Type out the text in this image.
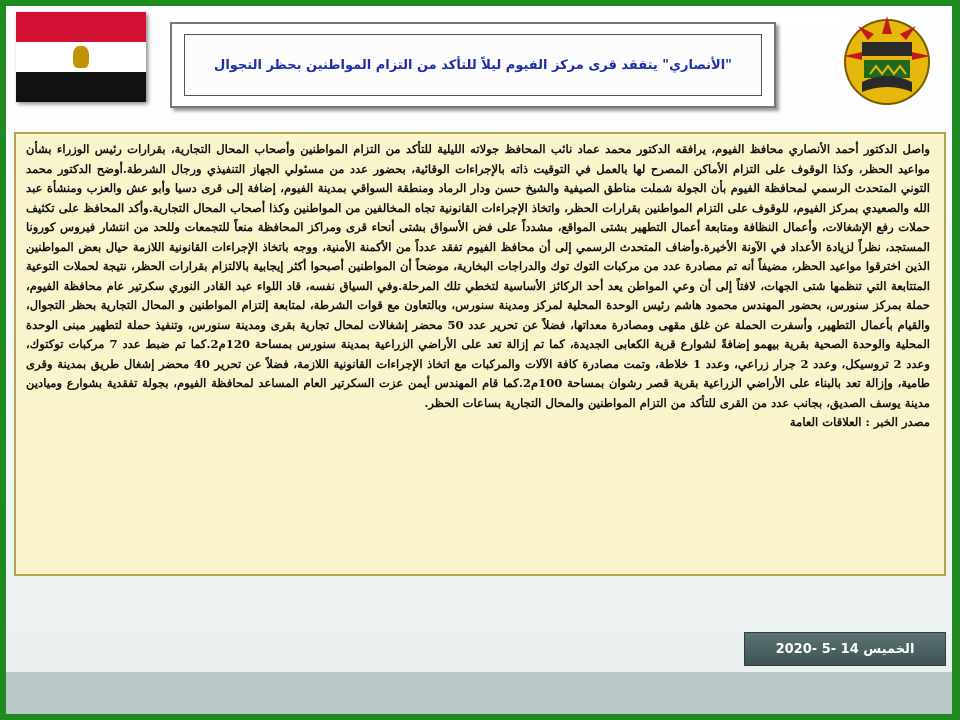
"الأنصاري" يتفقد قرى مركز الفيوم ليلاً للتأكد من التزام المواطنين بحظر التجوال

واصل الدكتور أحمد الأنصاري محافظ الفيوم، يرافقه الدكتور محمد عماد نائب المحافظ جولاته الليلية للتأكد من التزام المواطنين وأصحاب المحال التجارية، بقرارات رئيس الوزراء بشأن مواعيد الحظر، وكذا الوقوف على التزام الأماكن المصرح لها بالعمل في التوقيت ذاته بالإجراءات الوقائية، بحضور عدد من مسئولي الجهاز التنفيذي ورجال الشرطة.أوضح الدكتور محمد التوني المتحدث الرسمي لمحافظة الفيوم بأن الجولة شملت مناطق الصيفية والشيخ حسن ودار الرماد ومنطقة السواقي بمدينة الفيوم، إضافة إلى قرى دسيا وأبو عش والعزب ومنشأة عبد الله والصعيدي بمركز الفيوم، للوقوف على التزام المواطنين بقرارات الحظر، واتخاذ الإجراءات القانونية تجاه المخالفين من المواطنين وكذا أصحاب المحال التجارية.وأكد المحافظ على تكثيف حملات رفع الإشغالات، وأعمال النظافة ومتابعة أعمال التطهير بشتى المواقع، مشدداً على فض الأسواق بشتى أنحاء قرى ومراكز المحافظة منعاً للتجمعات وللحد من انتشار فيروس كورونا المستجد، نظراً لزيادة الأعداد في الآونة الأخيرة.وأضاف المتحدث الرسمي إلى أن محافظ الفيوم تفقد عدداً من الأكمنة الأمنية، ووجه باتخاذ الإجراءات القانونية اللازمة حيال بعض المواطنين الذين اخترقوا مواعيد الحظر، مضيفاً أنه تم مصادرة عدد من مركبات التوك توك والدراجات البخارية، موضحاً أن المواطنين أصبحوا أكثر إيجابية بالالتزام بقرارات الحظر، نتيجة لحملات التوعية المتتابعة التي تنظمها شتى الجهات، لافتاً إلى أن وعي المواطن يعد أحد الركائز الأساسية لتخطي تلك المرحلة.وفي السياق نفسه، قاد اللواء عبد القادر النوري سكرتير عام محافظة الفيوم، حملة بمركز سنورس، بحضور المهندس محمود هاشم رئيس الوحدة المحلية لمركز ومدينة سنورس، وبالتعاون مع قوات الشرطة، لمتابعة إلتزام المواطنين و المحال التجارية بحظر التجوال، والقيام بأعمال التطهير، وأسفرت الحملة عن غلق مقهى ومصادرة معداتها، فضلاً عن تحرير عدد 50 محضر إشغالات لمحال تجارية بقرى ومدينة سنورس، وتنفيذ حملة لتطهير مبنى الوحدة المحلية والوحدة الصحية بقرية بيهمو إضافةً لشوارع قرية الكعابى الجديدة، كما تم إزالة تعد على الأراضي الزراعية بمدينة سنورس بمساحة 120م2.كما تم ضبط عدد 7 مركبات توكتوك، وعدد 2 تروسيكل، وعدد 2 جرار زراعي، وعدد 1 خلاطة، وتمت مصادرة كافة الآلات والمركبات مع اتخاذ الإجراءات القانونية اللازمة، فضلاً عن تحرير 40 محضر إشغال طريق بمدينة وقرى طامية، وإزالة تعد بالبناء على الأراضي الزراعية بقرية قصر رشوان بمساحة 100م2.كما قام المهندس أيمن عزت السكرتير العام المساعد لمحافظة الفيوم، بجولة تفقدية بشوارع وميادين مدينة يوسف الصديق، بجانب عدد من القرى للتأكد من التزام المواطنين والمحال التجارية بساعات الحظر.

مصدر الخبر : العلاقات العامة

الخميس 14 -5 -2020
